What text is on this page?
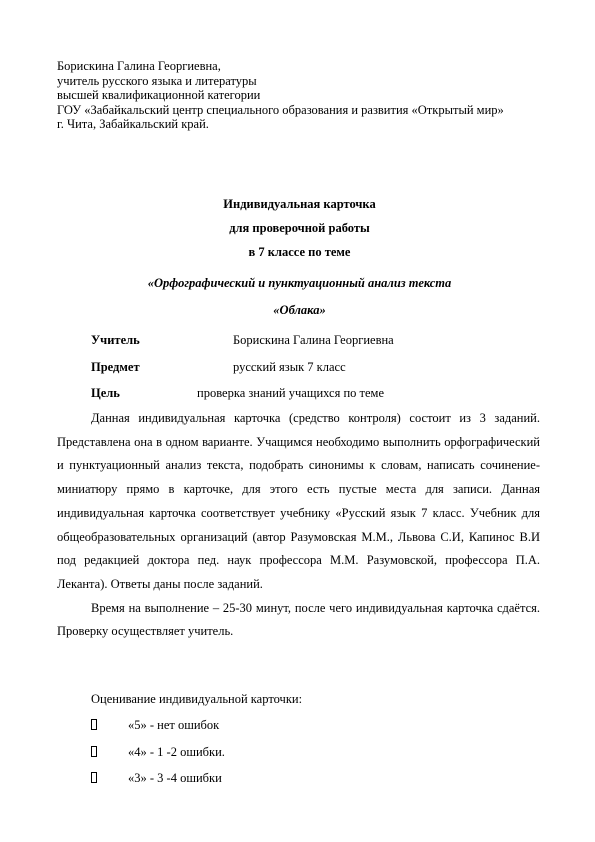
Борискина Галина Георгиевна,
учитель русского языка и литературы
высшей квалификационной категории
ГОУ «Забайкальский центр специального образования и развития «Открытый мир»
г. Чита, Забайкальский край.
Индивидуальная карточка
для проверочной работы
в 7 классе по теме
«Орфографический и пунктуационный анализ текста
«Облака»
Учитель	Борискина Галина Георгиевна
Предмет	русский язык 7 класс
Цель	проверка знаний учащихся по теме

Данная индивидуальная карточка (средство контроля) состоит из 3 заданий. Представлена она в одном варианте. Учащимся необходимо выполнить орфографический и пунктуационный анализ текста, подобрать синонимы к словам, написать сочинение-миниатюру прямо в карточке, для этого есть пустые места для записи. Данная индивидуальная карточка соответствует учебнику «Русский язык 7 класс. Учебник для общеобразовательных организаций (автор Разумовская М.М., Львова С.И, Капинос В.И под редакцией доктора пед. наук профессора М.М. Разумовской, профессора П.А. Леканта). Ответы даны после заданий.

Время на выполнение – 25-30 минут, после чего индивидуальная карточка сдаётся. Проверку осуществляет учитель.

Оценивание индивидуальной карточки:
«5» - нет ошибок
«4» - 1 -2 ошибки.
«3» - 3 -4 ошибки
